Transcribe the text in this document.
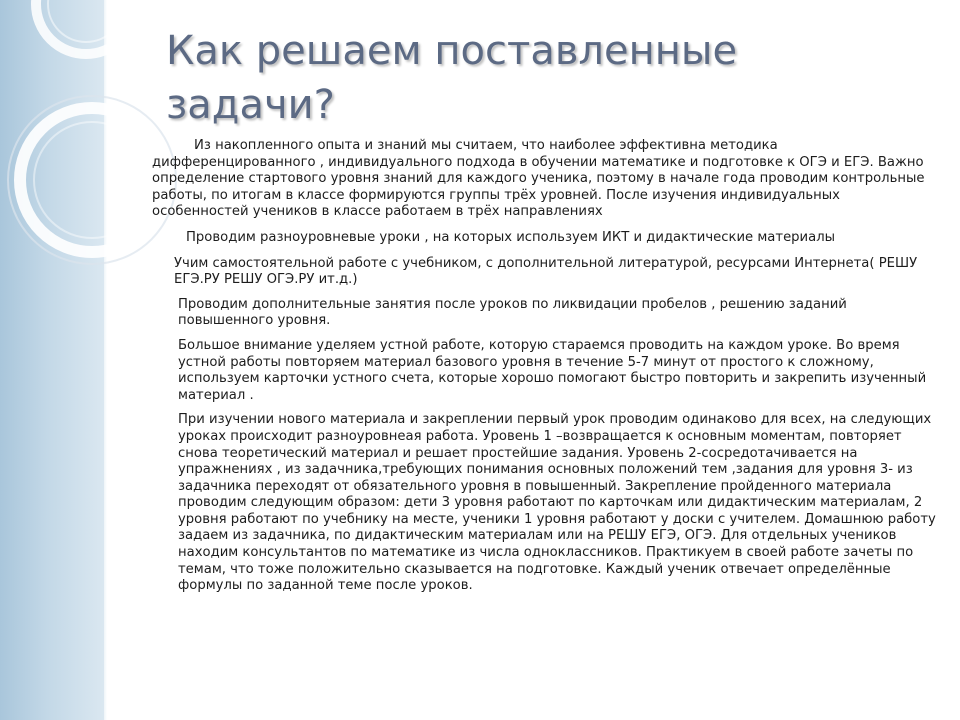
Как решаем поставленные задачи?

Из накопленного опыта и знаний мы считаем, что наиболее эффективна методика дифференцированного , индивидуального подхода в обучении математике и подготовке к ОГЭ и ЕГЭ. Важно определение стартового уровня знаний для каждого ученика, поэтому в начале года проводим контрольные работы, по итогам в классе формируются группы трёх уровней. После изучения индивидуальных особенностей учеников в классе работаем в трёх направлениях

Проводим разноуровневые уроки , на которых используем ИКТ и дидактические материалы

Учим самостоятельной работе с учебником, с дополнительной литературой, ресурсами Интернета( РЕШУ ЕГЭ.РУ РЕШУ ОГЭ.РУ ит.д.)

Проводим дополнительные занятия после уроков по ликвидации пробелов , решению заданий повышенного уровня.

Большое внимание уделяем устной работе, которую стараемся проводить на каждом уроке. Во время устной работы повторяем материал базового уровня в течение 5-7 минут от простого к сложному, используем карточки устного счета, которые хорошо помогают быстро повторить и закрепить изученный материал .

При изучении нового материала и закреплении первый урок проводим одинаково для всех, на следующих уроках происходит разноуровнеая работа. Уровень 1 –возвращается к основным моментам, повторяет снова теоретический материал и решает простейшие задания. Уровень 2-сосредотачивается на упражнениях , из задачника,требующих понимания основных положений тем ,задания для уровня 3- из задачника переходят от обязательного уровня в повышенный. Закрепление пройденного материала проводим следующим образом: дети 3 уровня работают по карточкам или дидактическим материалам, 2 уровня работают по учебнику на месте, ученики 1 уровня работают у доски с учителем. Домашнюю работу задаем из задачника, по дидактическим материалам или на РЕШУ ЕГЭ, ОГЭ. Для отдельных учеников находим консультантов по математике из числа одноклассников. Практикуем в своей работе зачеты по темам, что тоже положительно сказывается на подготовке. Каждый ученик отвечает определённые формулы по заданной теме после уроков.
